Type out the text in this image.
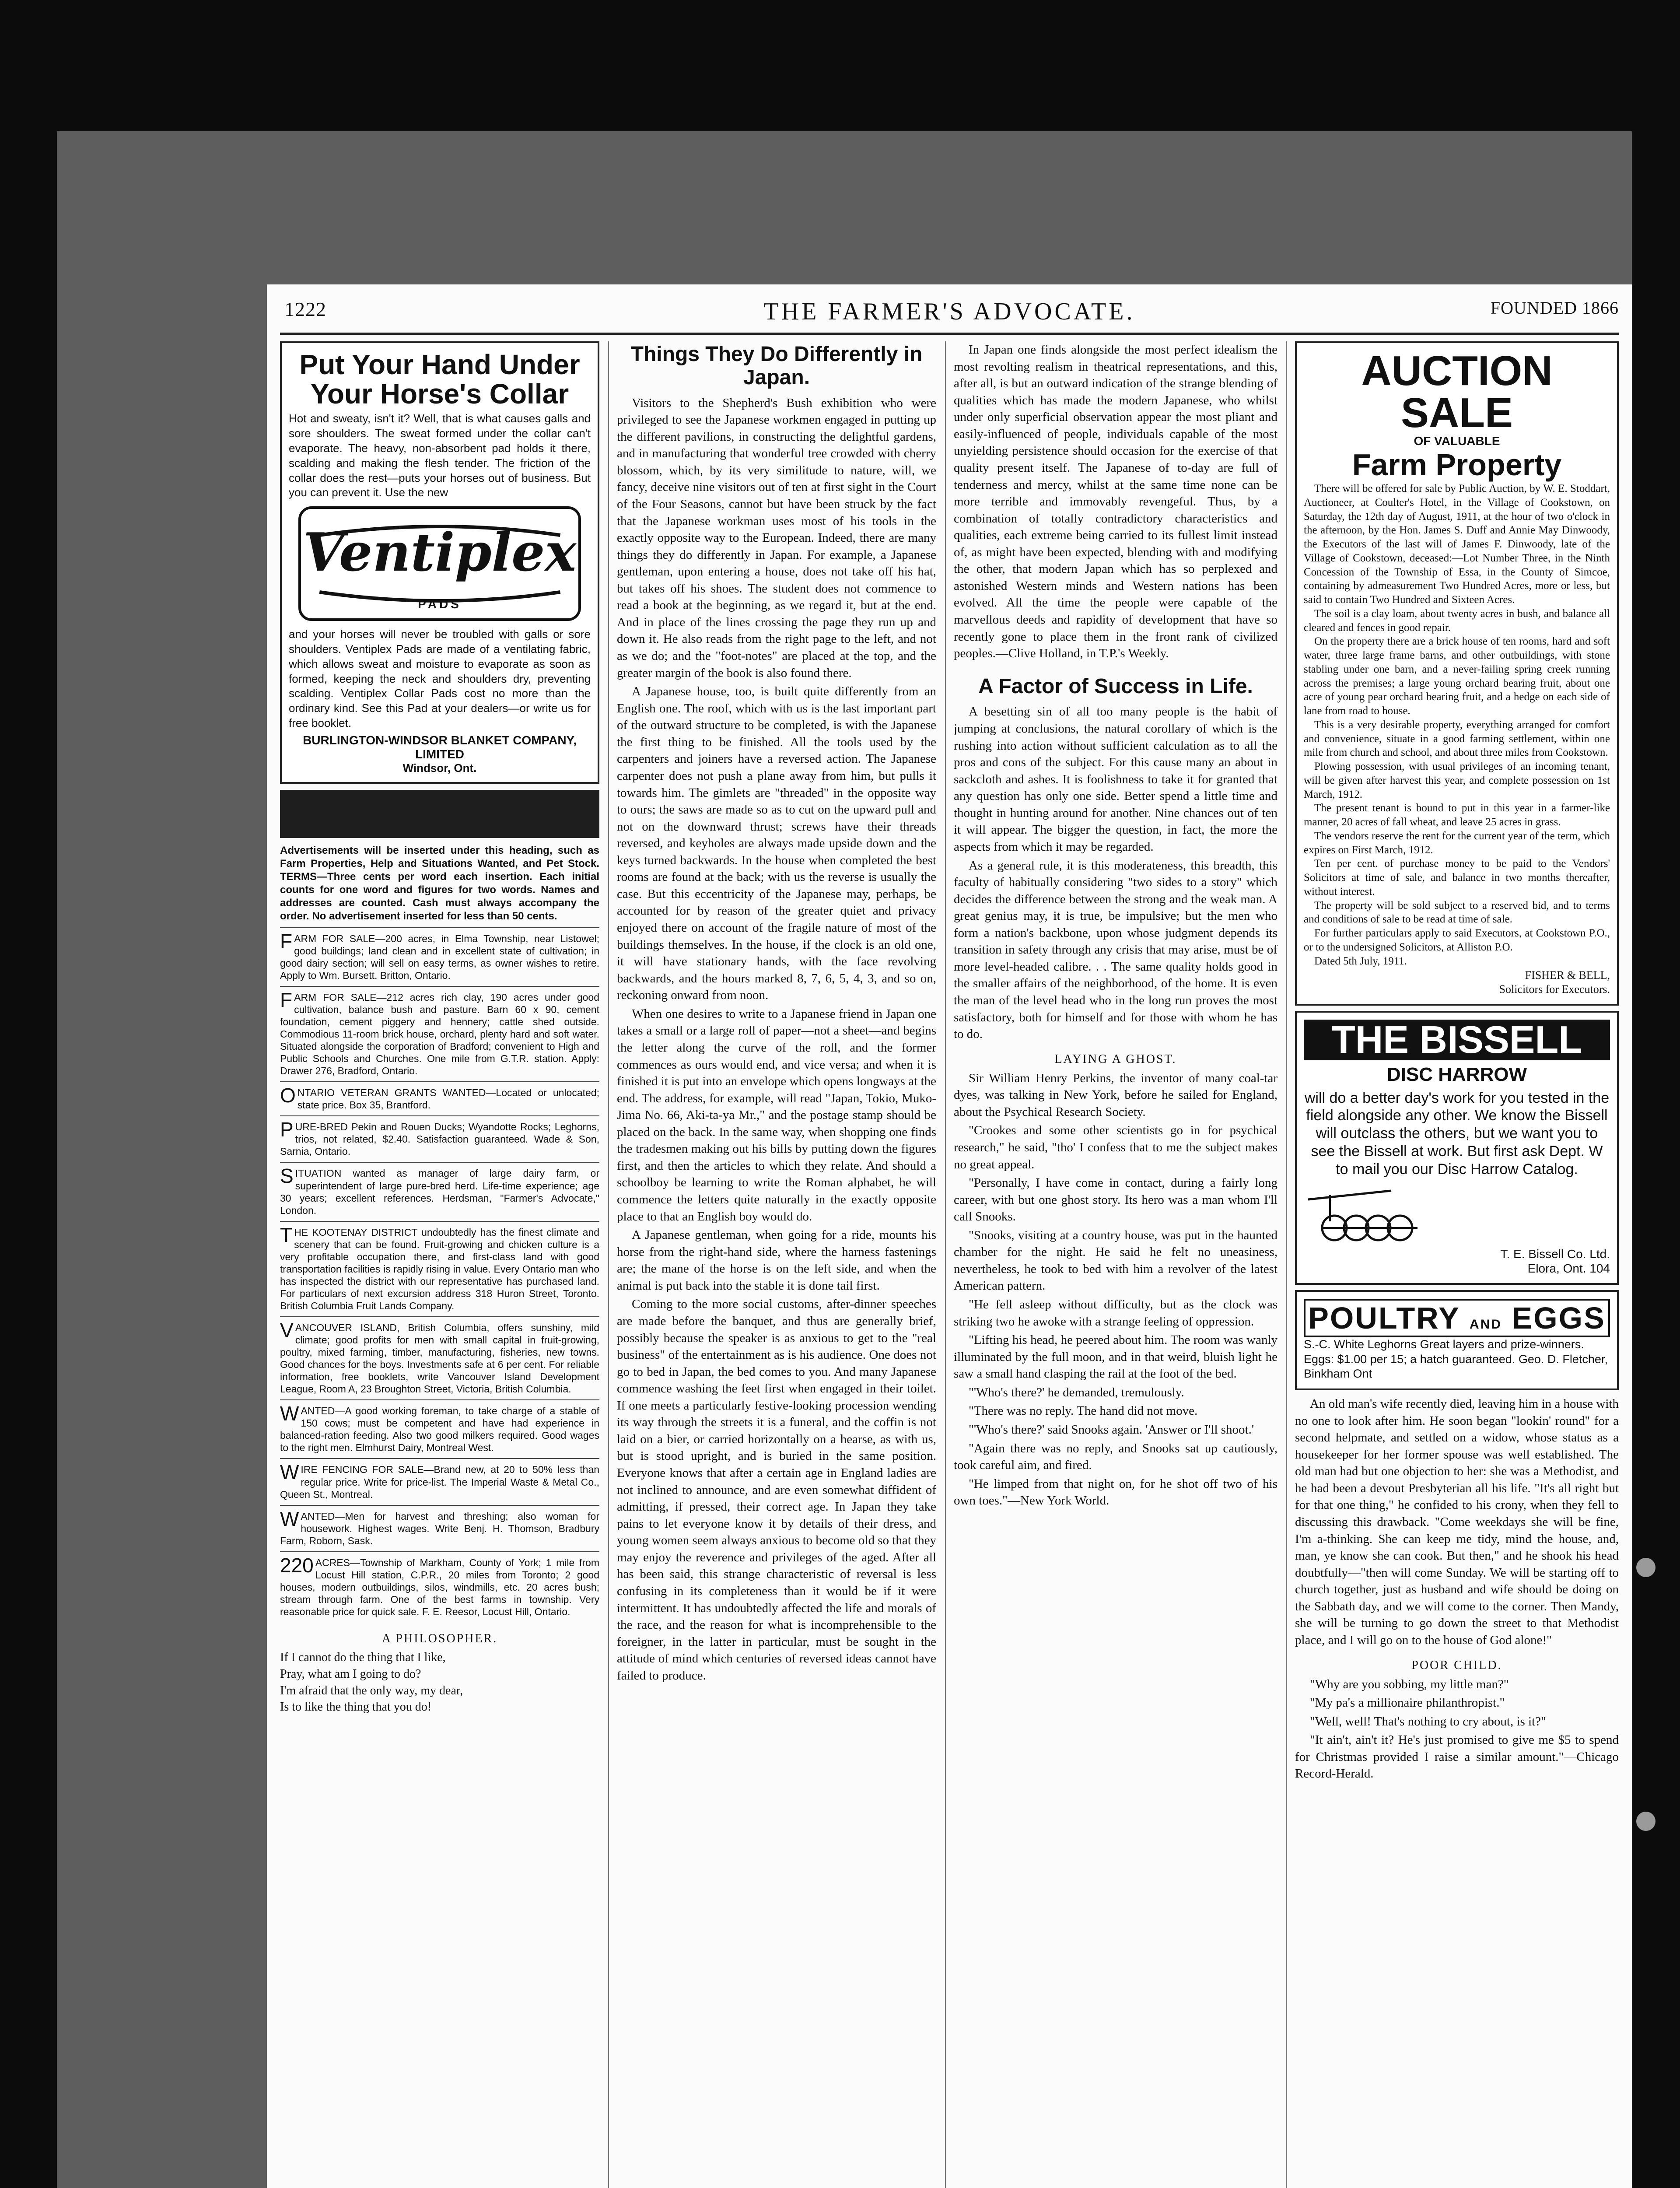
1222	THE FARMER'S ADVOCATE.	FOUNDED 1866
Put Your Hand Under Your Horse's Collar
Hot and sweaty, isn't it? Well, that is what causes galls and sore shoulders. The sweat formed under the collar can't evaporate. The heavy, non-absorbent pad holds it there, scalding and making the flesh tender. The friction of the collar does the rest—puts your horses out of business. But you can prevent it. Use the new
Ventiplex
PADS
and your horses will never be troubled with galls or sore shoulders. Ventiplex Pads are made of a ventilating fabric, which allows sweat and moisture to evaporate as soon as formed, keeping the neck and shoulders dry, preventing scalding. Ventiplex Collar Pads cost no more than the ordinary kind. See this Pad at your dealers—or write us for free booklet.
BURLINGTON-WINDSOR BLANKET COMPANY, LIMITED
Windsor, Ont.
Advertisements will be inserted under this heading, such as Farm Properties, Help and Situations Wanted, and Pet Stock. TERMS—Three cents per word each insertion. Each initial counts for one word and figures for two words. Names and addresses are counted. Cash must always accompany the order. No advertisement inserted for less than 50 cents.
FARM FOR SALE—200 acres, in Elma Township, near Listowel; good buildings; land clean and in excellent state of cultivation; in good dairy section; will sell on easy terms, as owner wishes to retire. Apply to Wm. Bursett, Britton, Ontario.
FARM FOR SALE—212 acres rich clay, 190 acres under good cultivation, balance bush and pasture. Barn 60 x 90, cement foundation, cement piggery and hennery; cattle shed outside. Commodious 11-room brick house, orchard, plenty hard and soft water. Situated alongside the corporation of Bradford; convenient to High and Public Schools and Churches. One mile from G.T.R. station. Apply: Drawer 276, Bradford, Ontario.
ONTARIO VETERAN GRANTS WANTED—Located or unlocated; state price. Box 35, Brantford.
PURE-BRED Pekin and Rouen Ducks; Wyandotte Rocks; Leghorns, trios, not related, $2.40. Satisfaction guaranteed. Wade & Son, Sarnia, Ontario.
SITUATION wanted as manager of large dairy farm, or superintendent of large pure-bred herd. Life-time experience; age 30 years; excellent references. Herdsman, "Farmer's Advocate," London.
THE KOOTENAY DISTRICT undoubtedly has the finest climate and scenery that can be found. Fruit-growing and chicken culture is a very profitable occupation there, and first-class land with good transportation facilities is rapidly rising in value. Every Ontario man who has inspected the district with our representative has purchased land. For particulars of next excursion address 318 Huron Street, Toronto. British Columbia Fruit Lands Company.
VANCOUVER ISLAND, British Columbia, offers sunshiny, mild climate; good profits for men with small capital in fruit-growing, poultry, mixed farming, timber, manufacturing, fisheries, new towns. Good chances for the boys. Investments safe at 6 per cent. For reliable information, free booklets, write Vancouver Island Development League, Room A, 23 Broughton Street, Victoria, British Columbia.
WANTED—A good working foreman, to take charge of a stable of 150 cows; must be competent and have had experience in balanced-ration feeding. Also two good milkers required. Good wages to the right men. Elmhurst Dairy, Montreal West.
WIRE FENCING FOR SALE—Brand new, at 20 to 50% less than regular price. Write for price-list. The Imperial Waste & Metal Co., Queen St., Montreal.
WANTED—Men for harvest and threshing; also woman for housework. Highest wages. Write Benj. H. Thomson, Bradbury Farm, Roborn, Sask.
220 ACRES—Township of Markham, County of York; 1 mile from Locust Hill station, C.P.R., 20 miles from Toronto; 2 good houses, modern outbuildings, silos, windmills, etc. 20 acres bush; stream through farm. One of the best farms in township. Very reasonable price for quick sale. F. E. Reesor, Locust Hill, Ontario.
A PHILOSOPHER.

If I cannot do the thing that I like,

Pray, what am I going to do?

I'm afraid that the only way, my dear,

Is to like the thing that you do!

Things They Do Differently in Japan.

Visitors to the Shepherd's Bush exhibition who were privileged to see the Japanese workmen engaged in putting up the different pavilions, in constructing the delightful gardens, and in manufacturing that wonderful tree crowded with cherry blossom, which, by its very similitude to nature, will, we fancy, deceive nine visitors out of ten at first sight in the Court of the Four Seasons, cannot but have been struck by the fact that the Japanese workman uses most of his tools in the exactly opposite way to the European. Indeed, there are many things they do differently in Japan. For example, a Japanese gentleman, upon entering a house, does not take off his hat, but takes off his shoes. The student does not commence to read a book at the beginning, as we regard it, but at the end. And in place of the lines crossing the page they run up and down it. He also reads from the right page to the left, and not as we do; and the "foot-notes" are placed at the top, and the greater margin of the book is also found there.

A Japanese house, too, is built quite differently from an English one. The roof, which with us is the last important part of the outward structure to be completed, is with the Japanese the first thing to be finished. All the tools used by the carpenters and joiners have a reversed action. The Japanese carpenter does not push a plane away from him, but pulls it towards him. The gimlets are "threaded" in the opposite way to ours; the saws are made so as to cut on the upward pull and not on the downward thrust; screws have their threads reversed, and keyholes are always made upside down and the keys turned backwards. In the house when completed the best rooms are found at the back; with us the reverse is usually the case. But this eccentricity of the Japanese may, perhaps, be accounted for by reason of the greater quiet and privacy enjoyed there on account of the fragile nature of most of the buildings themselves. In the house, if the clock is an old one, it will have stationary hands, with the face revolving backwards, and the hours marked 8, 7, 6, 5, 4, 3, and so on, reckoning onward from noon.

When one desires to write to a Japanese friend in Japan one takes a small or a large roll of paper—not a sheet—and begins the letter along the curve of the roll, and the former commences as ours would end, and vice versa; and when it is finished it is put into an envelope which opens longways at the end. The address, for example, will read "Japan, Tokio, Muko-Jima No. 66, Aki-ta-ya Mr.," and the postage stamp should be placed on the back. In the same way, when shopping one finds the tradesmen making out his bills by putting down the figures first, and then the articles to which they relate. And should a schoolboy be learning to write the Roman alphabet, he will commence the letters quite naturally in the exactly opposite place to that an English boy would do.

A Japanese gentleman, when going for a ride, mounts his horse from the right-hand side, where the harness fastenings are; the mane of the horse is on the left side, and when the animal is put back into the stable it is done tail first.

Coming to the more social customs, after-dinner speeches are made before the banquet, and thus are generally brief, possibly because the speaker is as anxious to get to the "real business" of the entertainment as is his audience. One does not go to bed in Japan, the bed comes to you. And many Japanese commence washing the feet first when engaged in their toilet. If one meets a particularly festive-looking procession wending its way through the streets it is a funeral, and the coffin is not laid on a bier, or carried horizontally on a hearse, as with us, but is stood upright, and is buried in the same position. Everyone knows that after a certain age in England ladies are not inclined to announce, and are even somewhat diffident of admitting, if pressed, their correct age. In Japan they take pains to let everyone know it by details of their dress, and young women seem always anxious to become old so that they may enjoy the reverence and privileges of the aged. After all has been said, this strange characteristic of reversal is less confusing in its completeness than it would be if it were intermittent. It has undoubtedly affected the life and morals of the race, and the reason for what is incomprehensible to the foreigner, in the latter in particular, must be sought in the attitude of mind which centuries of reversed ideas cannot have failed to produce.

In Japan one finds alongside the most perfect idealism the most revolting realism in theatrical representations, and this, after all, is but an outward indication of the strange blending of qualities which has made the modern Japanese, who whilst under only superficial observation appear the most pliant and easily-influenced of people, individuals capable of the most unyielding persistence should occasion for the exercise of that quality present itself. The Japanese of to-day are full of tenderness and mercy, whilst at the same time none can be more terrible and immovably revengeful. Thus, by a combination of totally contradictory characteristics and qualities, each extreme being carried to its fullest limit instead of, as might have been expected, blending with and modifying the other, that modern Japan which has so perplexed and astonished Western minds and Western nations has been evolved. All the time the people were capable of the marvellous deeds and rapidity of development that have so recently gone to place them in the front rank of civilized peoples.—Clive Holland, in T.P.'s Weekly.

A Factor of Success in Life.

A besetting sin of all too many people is the habit of jumping at conclusions, the natural corollary of which is the rushing into action without sufficient calculation as to all the pros and cons of the subject. For this cause many an about in sackcloth and ashes. It is foolishness to take it for granted that any question has only one side. Better spend a little time and thought in hunting around for another. Nine chances out of ten it will appear. The bigger the question, in fact, the more the aspects from which it may be regarded.

As a general rule, it is this moderateness, this breadth, this faculty of habitually considering "two sides to a story" which decides the difference between the strong and the weak man. A great genius may, it is true, be impulsive; but the men who form a nation's backbone, upon whose judgment depends its transition in safety through any crisis that may arise, must be of more level-headed calibre. . . The same quality holds good in the smaller affairs of the neighborhood, of the home. It is even the man of the level head who in the long run proves the most satisfactory, both for himself and for those with whom he has to do.

LAYING A GHOST.

Sir William Henry Perkins, the inventor of many coal-tar dyes, was talking in New York, before he sailed for England, about the Psychical Research Society.

"Crookes and some other scientists go in for psychical research," he said, "tho' I confess that to me the subject makes no great appeal.

"Personally, I have come in contact, during a fairly long career, with but one ghost story. Its hero was a man whom I'll call Snooks.

"Snooks, visiting at a country house, was put in the haunted chamber for the night. He said he felt no uneasiness, nevertheless, he took to bed with him a revolver of the latest American pattern.

"He fell asleep without difficulty, but as the clock was striking two he awoke with a strange feeling of oppression.

"Lifting his head, he peered about him. The room was wanly illuminated by the full moon, and in that weird, bluish light he saw a small hand clasping the rail at the foot of the bed.

"'Who's there?' he demanded, tremulously.

"There was no reply. The hand did not move.

"'Who's there?' said Snooks again. 'Answer or I'll shoot.'

"Again there was no reply, and Snooks sat up cautiously, took careful aim, and fired.

"He limped from that night on, for he shot off two of his own toes."—New York World.

AUCTION SALE
OF VALUABLE
Farm Property

There will be offered for sale by Public Auction, by W. E. Stoddart, Auctioneer, at Coulter's Hotel, in the Village of Cookstown, on Saturday, the 12th day of August, 1911, at the hour of two o'clock in the afternoon, by the Hon. James S. Duff and Annie May Dinwoody, the Executors of the last will of James F. Dinwoody, late of the Village of Cookstown, deceased:—Lot Number Three, in the Ninth Concession of the Township of Essa, in the County of Simcoe, containing by admeasurement Two Hundred Acres, more or less, but said to contain Two Hundred and Sixteen Acres.

The soil is a clay loam, about twenty acres in bush, and balance all cleared and fences in good repair.

On the property there are a brick house of ten rooms, hard and soft water, three large frame barns, and other outbuildings, with stone stabling under one barn, and a never-failing spring creek running across the premises; a large young orchard bearing fruit, about one acre of young pear orchard bearing fruit, and a hedge on each side of lane from road to house.

This is a very desirable property, everything arranged for comfort and convenience, situate in a good farming settlement, within one mile from church and school, and about three miles from Cookstown.

Plowing possession, with usual privileges of an incoming tenant, will be given after harvest this year, and complete possession on 1st March, 1912.

The present tenant is bound to put in this year in a farmer-like manner, 20 acres of fall wheat, and leave 25 acres in grass.

The vendors reserve the rent for the current year of the term, which expires on First March, 1912.

Ten per cent. of purchase money to be paid to the Vendors' Solicitors at time of sale, and balance in two months thereafter, without interest.

The property will be sold subject to a reserved bid, and to terms and conditions of sale to be read at time of sale.

For further particulars apply to said Executors, at Cookstown P.O., or to the undersigned Solicitors, at Alliston P.O.

Dated 5th July, 1911.

FISHER & BELL,

Solicitors for Executors.

THE BISSELL
DISC HARROW
will do a better day's work for you tested in the field alongside any other. We know the Bissell will outclass the others, but we want you to see the Bissell at work. But first ask Dept. W to mail you our Disc Harrow Catalog.
T. E. Bissell Co. Ltd.
Elora, Ont. 104
POULTRY AND EGGS
S.-C. White Leghorns Great layers and prize-winners. Eggs: $1.00 per 15; a hatch guaranteed. Geo. D. Fletcher, Binkham Ont

An old man's wife recently died, leaving him in a house with no one to look after him. He soon began "lookin' round" for a second helpmate, and settled on a widow, whose status as a housekeeper for her former spouse was well established. The old man had but one objection to her: she was a Methodist, and he had been a devout Presbyterian all his life. "It's all right but for that one thing," he confided to his crony, when they fell to discussing this drawback. "Come weekdays she will be fine, I'm a-thinking. She can keep me tidy, mind the house, and, man, ye know she can cook. But then," and he shook his head doubtfully—"then will come Sunday. We will be starting off to church together, just as husband and wife should be doing on the Sabbath day, and we will come to the corner. Then Mandy, she will be turning to go down the street to that Methodist place, and I will go on to the house of God alone!"

POOR CHILD.

"Why are you sobbing, my little man?"

"My pa's a millionaire philanthropist."

"Well, well! That's nothing to cry about, is it?"

"It ain't, ain't it? He's just promised to give me $5 to spend for Christmas provided I raise a similar amount."—Chicago Record-Herald.
